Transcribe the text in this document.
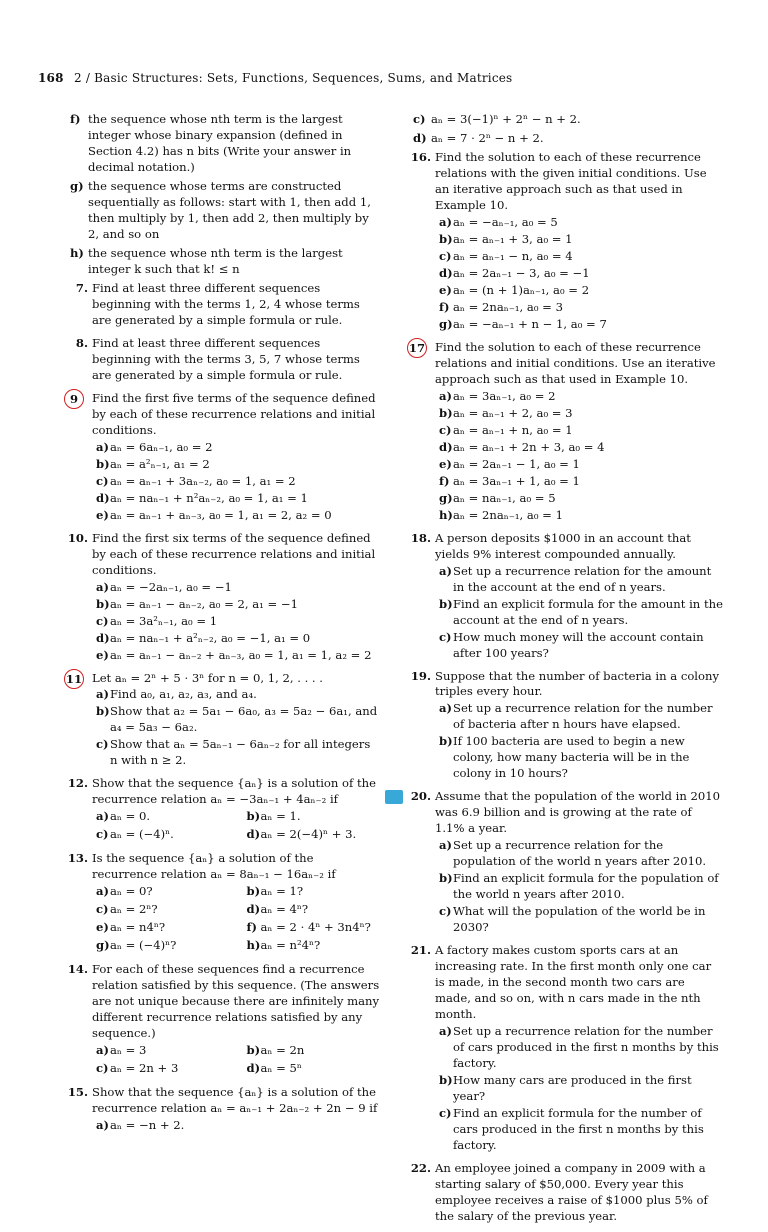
168 2 / Basic Structures: Sets, Functions, Sequences, Sums, and Matrices
f) the sequence whose nth term is the largest integer whose binary expansion (defined in Section 4.2) has n bits (Write your answer in decimal notation.)
g) the sequence whose terms are constructed sequentially as follows: start with 1, then add 1, then multiply by 1, then add 2, then multiply by 2, and so on
h) the sequence whose nth term is the largest integer k such that k! ≤ n
7. Find at least three different sequences beginning with the terms 1, 2, 4 whose terms are generated by a simple formula or rule.
8. Find at least three different sequences beginning with the terms 3, 5, 7 whose terms are generated by a simple formula or rule.
9	Find the first five terms of the sequence defined by each of these recurrence relations and initial conditions.
a) aₙ = 6aₙ₋₁, a₀ = 2
b) aₙ = a²ₙ₋₁, a₁ = 2
c) aₙ = aₙ₋₁ + 3aₙ₋₂, a₀ = 1, a₁ = 2
d) aₙ = naₙ₋₁ + n²aₙ₋₂, a₀ = 1, a₁ = 1
e) aₙ = aₙ₋₁ + aₙ₋₃, a₀ = 1, a₁ = 2, a₂ = 0
10. Find the first six terms of the sequence defined by each of these recurrence relations and initial conditions.
a) aₙ = −2aₙ₋₁, a₀ = −1
b) aₙ = aₙ₋₁ − aₙ₋₂, a₀ = 2, a₁ = −1
c) aₙ = 3a²ₙ₋₁, a₀ = 1
d) aₙ = naₙ₋₁ + a²ₙ₋₂, a₀ = −1, a₁ = 0
e) aₙ = aₙ₋₁ − aₙ₋₂ + aₙ₋₃, a₀ = 1, a₁ = 1, a₂ = 2
11 Let aₙ = 2ⁿ + 5 · 3ⁿ for n = 0, 1, 2, . . . .
a) Find a₀, a₁, a₂, a₃, and a₄.
b) Show that a₂ = 5a₁ − 6a₀, a₃ = 5a₂ − 6a₁, and a₄ = 5a₃ − 6a₂.
c) Show that aₙ = 5aₙ₋₁ − 6aₙ₋₂ for all integers n with n ≥ 2.
12. Show that the sequence {aₙ} is a solution of the recurrence relation aₙ = −3aₙ₋₁ + 4aₙ₋₂ if
a) aₙ = 0.	b) aₙ = 1.
c) aₙ = (−4)ⁿ.	d) aₙ = 2(−4)ⁿ + 3.
13. Is the sequence {aₙ} a solution of the recurrence relation aₙ = 8aₙ₋₁ − 16aₙ₋₂ if
a) aₙ = 0?	b) aₙ = 1?
c) aₙ = 2ⁿ?	d) aₙ = 4ⁿ?
e) aₙ = n4ⁿ?	f) aₙ = 2 · 4ⁿ + 3n4ⁿ?
g) aₙ = (−4)ⁿ?	h) aₙ = n²4ⁿ?
14. For each of these sequences find a recurrence relation satisfied by this sequence. (The answers are not unique because there are infinitely many different recurrence relations satisfied by any sequence.)
a) aₙ = 3	b) aₙ = 2n
c) aₙ = 2n + 3	d) aₙ = 5ⁿ
15. Show that the sequence {aₙ} is a solution of the recurrence relation aₙ = aₙ₋₁ + 2aₙ₋₂ + 2n − 9 if
a) aₙ = −n + 2.
c) aₙ = 3(−1)ⁿ + 2ⁿ − n + 2.
d) aₙ = 7 · 2ⁿ − n + 2.
16. Find the solution to each of these recurrence relations with the given initial conditions. Use an iterative approach such as that used in Example 10.
a) aₙ = −aₙ₋₁, a₀ = 5
b) aₙ = aₙ₋₁ + 3, a₀ = 1
c) aₙ = aₙ₋₁ − n, a₀ = 4
d) aₙ = 2aₙ₋₁ − 3, a₀ = −1
e) aₙ = (n + 1)aₙ₋₁, a₀ = 2
f) aₙ = 2naₙ₋₁, a₀ = 3
g) aₙ = −aₙ₋₁ + n − 1, a₀ = 7
17 Find the solution to each of these recurrence relations and initial conditions. Use an iterative approach such as that used in Example 10.
a) aₙ = 3aₙ₋₁, a₀ = 2
b) aₙ = aₙ₋₁ + 2, a₀ = 3
c) aₙ = aₙ₋₁ + n, a₀ = 1
d) aₙ = aₙ₋₁ + 2n + 3, a₀ = 4
e) aₙ = 2aₙ₋₁ − 1, a₀ = 1
f) aₙ = 3aₙ₋₁ + 1, a₀ = 1
g) aₙ = naₙ₋₁, a₀ = 5
h) aₙ = 2naₙ₋₁, a₀ = 1
18. A person deposits $1000 in an account that yields 9% interest compounded annually.
a) Set up a recurrence relation for the amount in the account at the end of n years.
b) Find an explicit formula for the amount in the account at the end of n years.
c) How much money will the account contain after 100 years?
19. Suppose that the number of bacteria in a colony triples every hour.
a) Set up a recurrence relation for the number of bacteria after n hours have elapsed.
b) If 100 bacteria are used to begin a new colony, how many bacteria will be in the colony in 10 hours?
20. Assume that the population of the world in 2010 was 6.9 billion and is growing at the rate of 1.1% a year.
a) Set up a recurrence relation for the population of the world n years after 2010.
b) Find an explicit formula for the population of the world n years after 2010.
c) What will the population of the world be in 2030?
21. A factory makes custom sports cars at an increasing rate. In the first month only one car is made, in the second month two cars are made, and so on, with n cars made in the nth month.
a) Set up a recurrence relation for the number of cars produced in the first n months by this factory.
b) How many cars are produced in the first year?
c) Find an explicit formula for the number of cars produced in the first n months by this factory.
22. An employee joined a company in 2009 with a starting salary of $50,000. Every year this employee receives a raise of $1000 plus 5% of the salary of the previous year.
